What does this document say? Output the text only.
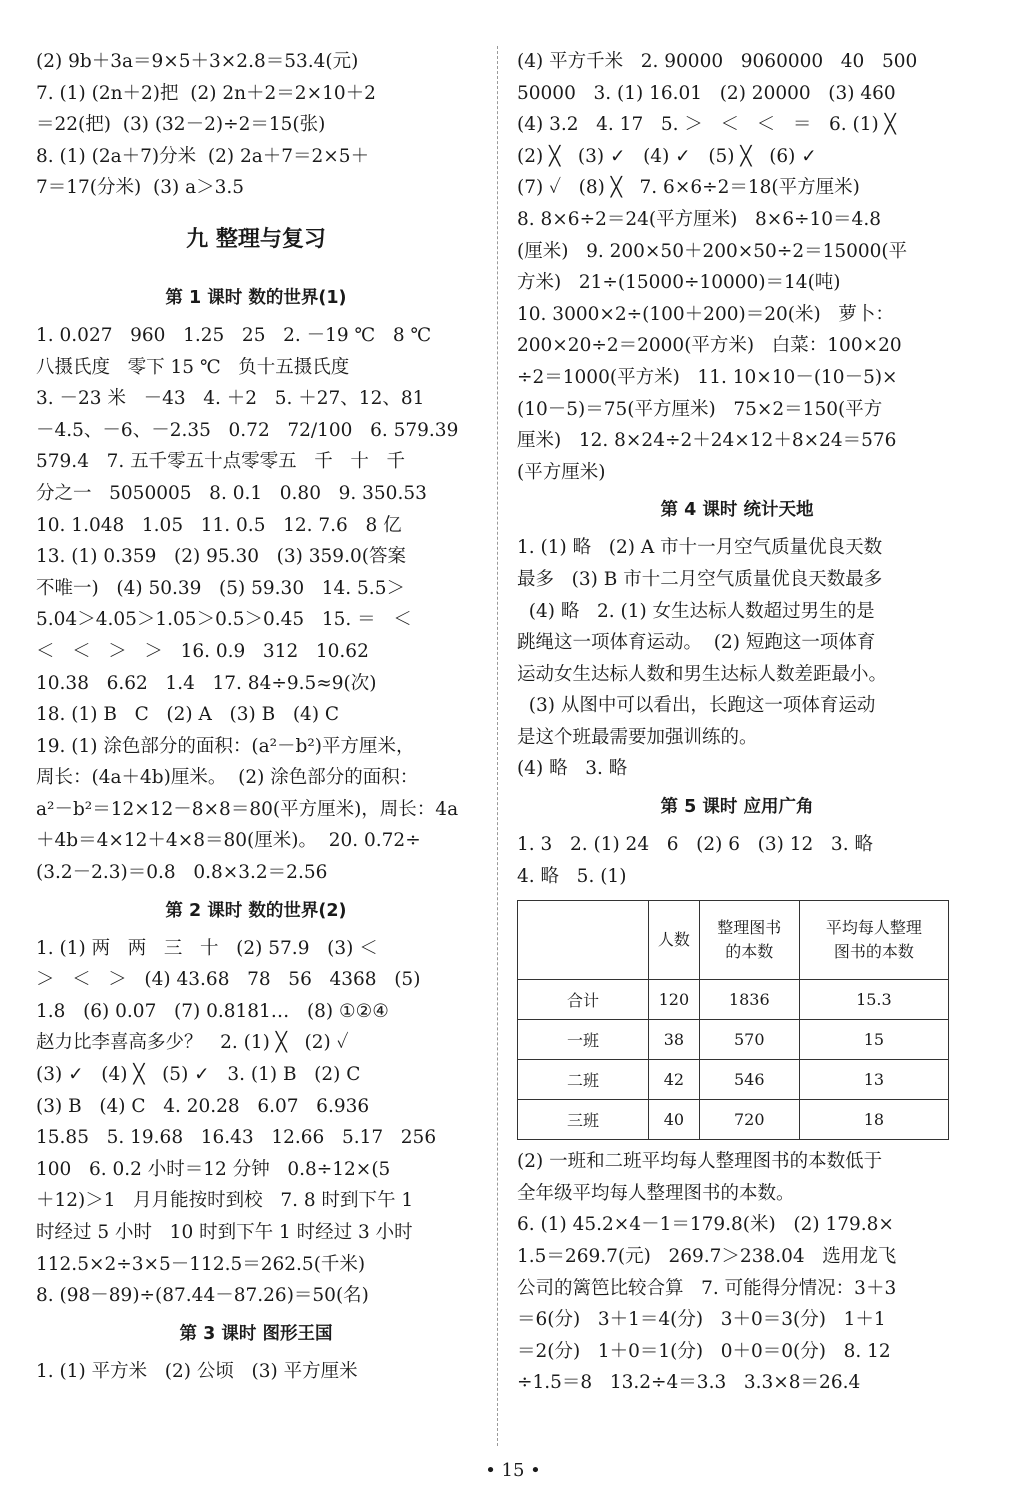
(2) 9b＋3a＝9×5＋3×2.8＝53.4(元)
7. (1) (2n＋2)把  (2) 2n＋2＝2×10＋2
＝22(把)  (3) (32－2)÷2＝15(张)
8. (1) (2a＋7)分米  (2) 2a＋7＝2×5＋
7＝17(分米)  (3) a＞3.5
九 整理与复习
第 1 课时 数的世界(1)
1. 0.027   960   1.25   25   2. －19 ℃   8 ℃
八摄氏度   零下 15 ℃   负十五摄氏度
3. －23 米   －43   4. ＋2   5. ＋27、12、81
－4.5、－6、－2.35   0.72   72/100   6. 579.39
579.4   7. 五千零五十点零零五   千   十   千
分之一   5050005   8. 0.1   0.80   9. 350.53
10. 1.048   1.05   11. 0.5   12. 7.6   8 亿
13. (1) 0.359   (2) 95.30   (3) 359.0(答案
不唯一)   (4) 50.39   (5) 59.30   14. 5.5＞
5.04＞4.05＞1.05＞0.5＞0.45   15. ＝   ＜
＜   ＜   ＞   ＞   16. 0.9   312   10.62
10.38   6.62   1.4   17. 84÷9.5≈9(次)
18. (1) B   C   (2) A   (3) B   (4) C
19. (1) 涂色部分的面积：(a²－b²)平方厘米，
周长：(4a＋4b)厘米。  (2) 涂色部分的面积：
a²－b²＝12×12－8×8＝80(平方厘米)，周长：4a
＋4b＝4×12＋4×8＝80(厘米)。  20. 0.72÷
(3.2－2.3)＝0.8   0.8×3.2＝2.56
第 2 课时 数的世界(2)
1. (1) 两   两   三   十   (2) 57.9   (3) ＜
＞   ＜   ＞   (4) 43.68   78   56   4368   (5)
1.8   (6) 0.07   (7) 0.8181…   (8) ①②④
赵力比李喜高多少？   2. (1) ╳   (2) ✓
(3) ✓   (4) ╳   (5) ✓   3. (1) B   (2) C
(3) B   (4) C   4. 20.28   6.07   6.936
15.85   5. 19.68   16.43   12.66   5.17   256
100   6. 0.2 小时＝12 分钟   0.8÷12×(5
＋12)＞1   月月能按时到校   7. 8 时到下午 1
时经过 5 小时   10 时到下午 1 时经过 3 小时
112.5×2÷3×5－112.5＝262.5(千米)
8. (98－89)÷(87.44－87.26)＝50(名)
第 3 课时 图形王国
1. (1) 平方米   (2) 公顷   (3) 平方厘米
(4) 平方千米   2. 90000   9060000   40   500
50000   3. (1) 16.01   (2) 20000   (3) 460
(4) 3.2   4. 17   5. ＞   ＜   ＜   ＝   6. (1) ╳
(2) ╳   (3) ✓   (4) ✓   (5) ╳   (6) ✓
(7) ✓   (8) ╳   7. 6×6÷2＝18(平方厘米)
8. 8×6÷2＝24(平方厘米)   8×6÷10＝4.8
(厘米)   9. 200×50＋200×50÷2＝15000(平
方米)   21÷(15000÷10000)＝14(吨)
10. 3000×2÷(100＋200)＝20(米)   萝卜：
200×20÷2＝2000(平方米)   白菜：100×20
÷2＝1000(平方米)   11. 10×10－(10－5)×
(10－5)＝75(平方厘米)   75×2＝150(平方
厘米)   12. 8×24÷2＋24×12＋8×24＝576
(平方厘米)
第 4 课时 统计天地
1. (1) 略   (2) A 市十一月空气质量优良天数
最多   (3) B 市十二月空气质量优良天数最多
(4) 略   2. (1) 女生达标人数超过男生的是
跳绳这一项体育运动。  (2) 短跑这一项体育
运动女生达标人数和男生达标人数差距最小。
(3) 从图中可以看出，长跑这一项体育运动
是这个班最需要加强训练的。
(4) 略   3. 略
第 5 课时 应用广角
1. 3   2. (1) 24   6   (2) 6   (3) 12   3. 略
4. 略   5. (1)
	人数	整理图书
的本数	平均每人整理
图书的本数
合计	120	1836	15.3
一班	38	570	15
二班	42	546	13
三班	40	720	18
(2) 一班和二班平均每人整理图书的本数低于
全年级平均每人整理图书的本数。
6. (1) 45.2×4－1＝179.8(米)   (2) 179.8×
1.5＝269.7(元)   269.7＞238.04   选用龙飞
公司的篱笆比较合算   7. 可能得分情况：3＋3
＝6(分)   3＋1＝4(分)   3＋0＝3(分)   1＋1
＝2(分)   1＋0＝1(分)   0＋0＝0(分)   8. 12
÷1.5＝8   13.2÷4＝3.3   3.3×8＝26.4
• 15 •
